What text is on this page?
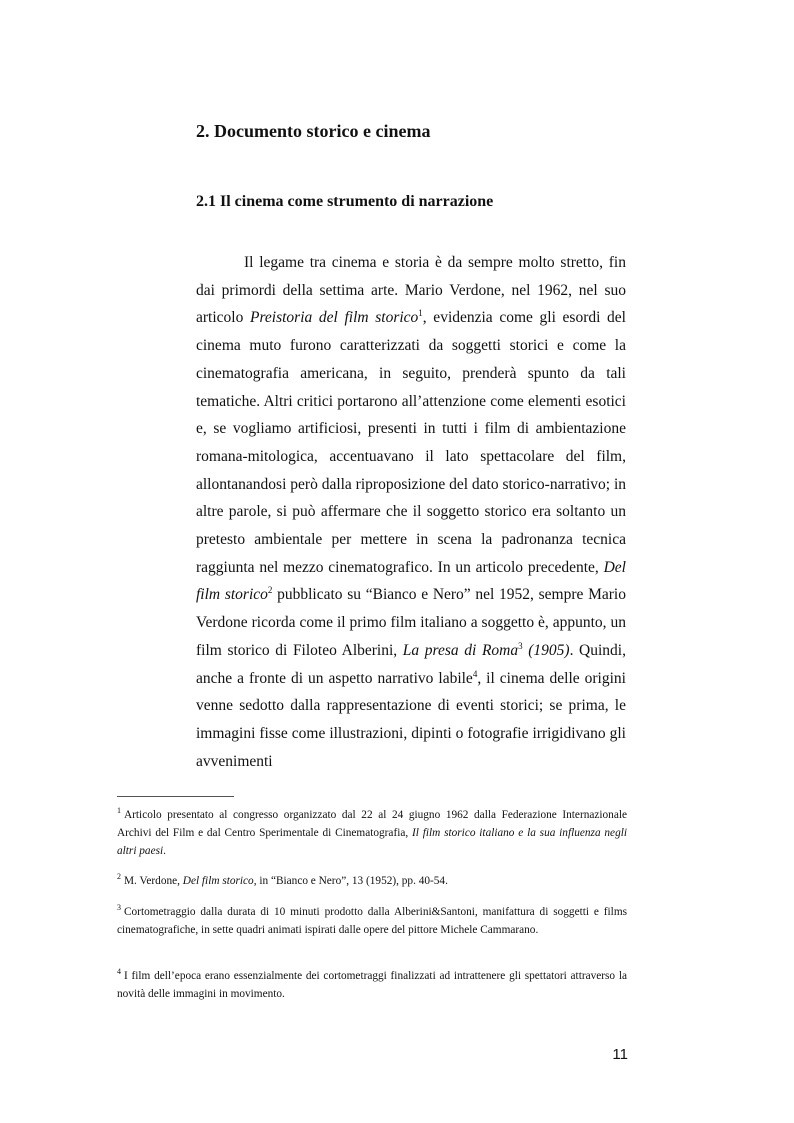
2. Documento storico e cinema
2.1 Il cinema come strumento di narrazione

Il legame tra cinema e storia è da sempre molto stretto, fin dai primordi della settima arte. Mario Verdone, nel 1962, nel suo articolo Preistoria del film storico$^1$, evidenzia come gli esordi del cinema muto furono caratterizzati da soggetti storici e come la cinematografia americana, in seguito, prenderà spunto da tali tematiche. Altri critici portarono all’attenzione come elementi esotici e, se vogliamo artificiosi, presenti in tutti i film di ambientazione romana-mitologica, accentuavano il lato spettacolare del film, allontanandosi però dalla riproposizione del dato storico-narrativo; in altre parole, si può affermare che il soggetto storico era soltanto un pretesto ambientale per mettere in scena la padronanza tecnica raggiunta nel mezzo cinematografico. In un articolo precedente, Del film storico$^2$ pubblicato su “Bianco e Nero” nel 1952, sempre Mario Verdone ricorda come il primo film italiano a soggetto è, appunto, un film storico di Filoteo Alberini, La presa di Roma$^3$ (1905). Quindi, anche a fronte di un aspetto narrativo labile$^4$, il cinema delle origini venne sedotto dalla rappresentazione di eventi storici; se prima, le immagini fisse come illustrazioni, dipinti o fotografie irrigidivano gli avvenimenti

$^1$ Articolo presentato al congresso organizzato dal 22 al 24 giugno 1962 dalla Federazione Internazionale Archivi del Film e dal Centro Sperimentale di Cinematografia, Il film storico italiano e la sua influenza negli altri paesi.

$^2$ M. Verdone, Del film storico, in “Bianco e Nero”, 13 (1952), pp. 40-54.

$^3$ Cortometraggio dalla durata di 10 minuti prodotto dalla Alberini&Santoni, manifattura di soggetti e films cinematografiche, in sette quadri animati ispirati dalle opere del pittore Michele Cammarano.

$^4$ I film dell’epoca erano essenzialmente dei cortometraggi finalizzati ad intrattenere gli spettatori attraverso la novità delle immagini in movimento.

11
